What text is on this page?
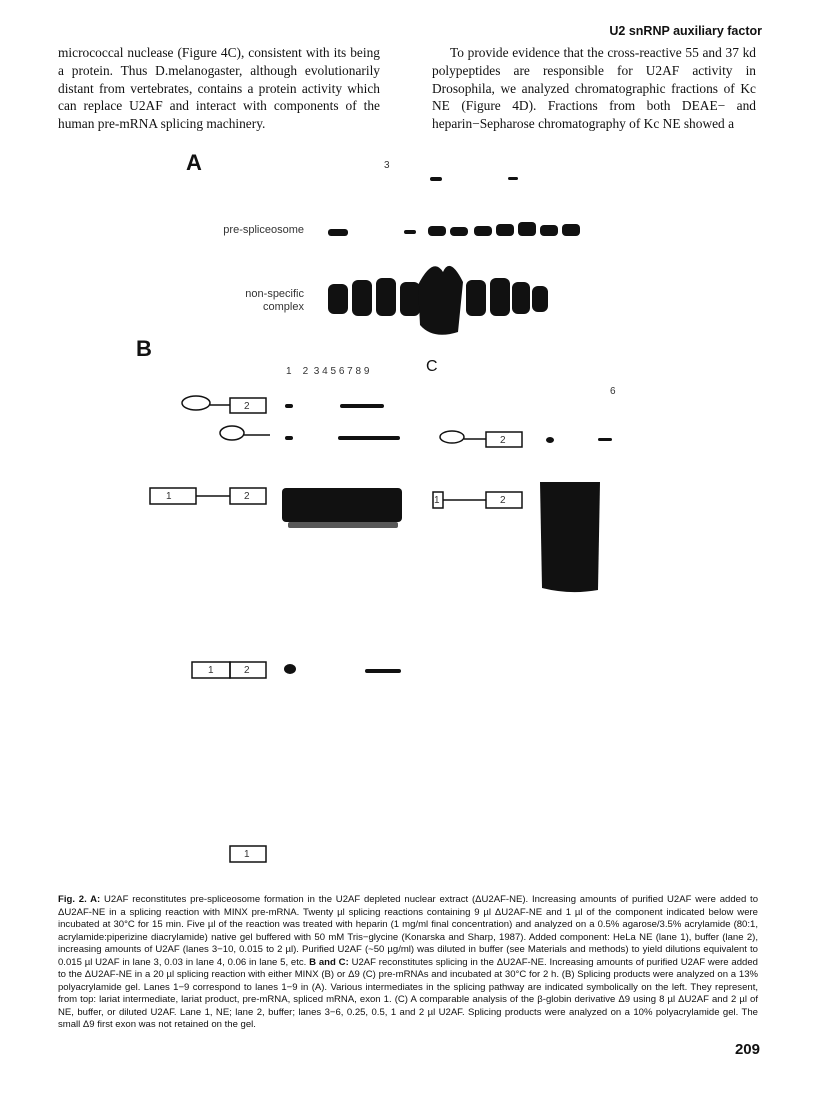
U2 snRNP auxiliary factor
micrococcal nuclease (Figure 4C), consistent with its being a protein. Thus D.melanogaster, although evolutionarily distant from vertebrates, contains a protein activity which can replace U2AF and interact with components of the human pre-mRNA splicing machinery.
To provide evidence that the cross-reactive 55 and 37 kd polypeptides are responsible for U2AF activity in Drosophila, we analyzed chromatographic fractions of Kc NE (Figure 4D). Fractions from both DEAE− and heparin−Sepharose chromatography of Kc NE showed a
A	3
pre-spliceosome
non-specific
complex
B
1    2  3 4 5 6 7 8 9	C
6
1	2
2
1	2
1
1	2
2
Fig. 2. A: U2AF reconstitutes pre-spliceosome formation in the U2AF depleted nuclear extract (ΔU2AF-NE). Increasing amounts of purified U2AF were added to ΔU2AF-NE in a splicing reaction with MINX pre-mRNA. Twenty µl splicing reactions containing 9 µl ΔU2AF-NE and 1 µl of the component indicated below were incubated at 30°C for 15 min. Five µl of the reaction was treated with heparin (1 mg/ml final concentration) and analyzed on a 0.5% agarose/3.5% acrylamide (80:1, acrylamide:piperizine diacrylamide) native gel buffered with 50 mM Tris−glycine (Konarska and Sharp, 1987). Added component: HeLa NE (lane 1), buffer (lane 2), increasing amounts of U2AF (lanes 3−10, 0.015 to 2 µl). Purified U2AF (~50 µg/ml) was diluted in buffer (see Materials and methods) to yield dilutions equivalent to 0.015 µl U2AF in lane 3, 0.03 in lane 4, 0.06 in lane 5, etc. B and C: U2AF reconstitutes splicing in the ΔU2AF-NE. Increasing amounts of purified U2AF were added to the ΔU2AF-NE in a 20 µl splicing reaction with either MINX (B) or Δ9 (C) pre-mRNAs and incubated at 30°C for 2 h. (B) Splicing products were analyzed on a 13% polyacrylamide gel. Lanes 1−9 correspond to lanes 1−9 in (A). Various intermediates in the splicing pathway are indicated symbolically on the left. They represent, from top: lariat intermediate, lariat product, pre-mRNA, spliced mRNA, exon 1. (C) A comparable analysis of the β-globin derivative Δ9 using 8 µl ΔU2AF and 2 µl of NE, buffer, or diluted U2AF. Lane 1, NE; lane 2, buffer; lanes 3−6, 0.25, 0.5, 1 and 2 µl U2AF. Splicing products were analyzed on a 10% polyacrylamide gel. The small Δ9 first exon was not retained on the gel.
209
